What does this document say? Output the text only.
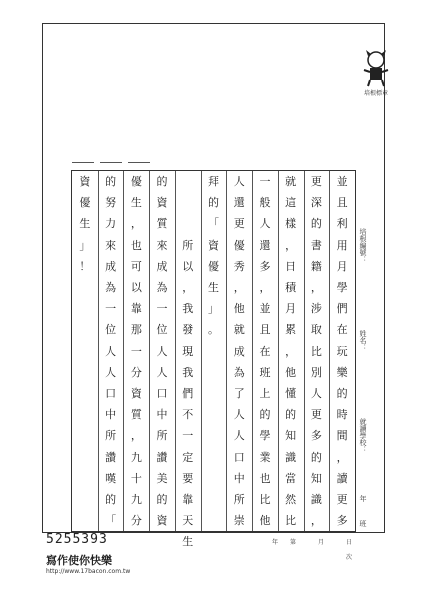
培根標章
並
且
利
用
月
學
們
在
玩
樂
的
時
間
，
讀
更
多
更
深
的
書
籍
，
涉
取
比
別
人
更
多
的
知
識
，
就
這
樣
，
日
積
月
累
，
他
懂
的
知
識
當
然
比
一
般
人
還
多
，
並
且
在
班
上
的
學
業
也
比
他
人
還
更
優
秀
，
他
就
成
為
了
人
人
口
中
所
崇
拜
的
「
資
優
生
」
。
所
以
，
我
發
現
我
們
不
一
定
要
靠
天
生
的
資
質
來
成
為
一
位
人
人
口
中
所
讚
美
的
資
優
生
，
也
可
以
靠
那
一
分
資
質
，
九
十
九
分
的
努
力
來
成
為
一
位
人
人
口
中
所
讚
嘆
的
「
資
優
生
」
！
培根編號：
姓名：
就讀學校：
年
班
5255393
寫作使你快樂
http://www.17bacon.com.tw
年 第	月	日
次
